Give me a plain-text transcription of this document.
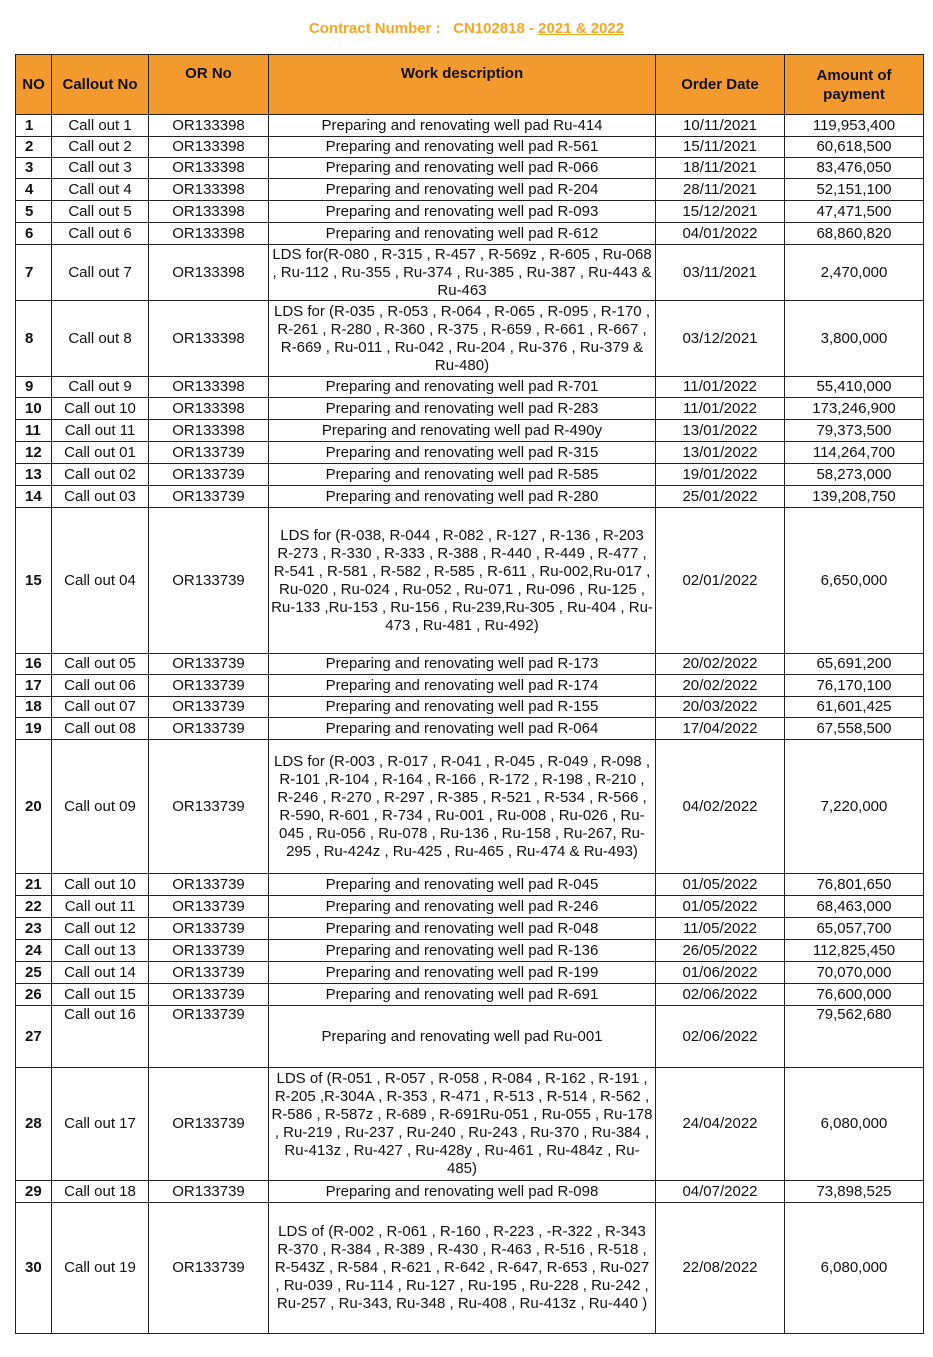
Contract Number : CN102818 - 2021 & 2022
NO	Callout No	OR No	Work description	Order Date	Amount of payment
1	Call out 1	OR133398	Preparing and renovating well pad Ru-414	10/11/2021	119,953,400
2	Call out 2	OR133398	Preparing and renovating well pad R-561	15/11/2021	60,618,500
3	Call out 3	OR133398	Preparing and renovating well pad R-066	18/11/2021	83,476,050
4	Call out 4	OR133398	Preparing and renovating well pad R-204	28/11/2021	52,151,100
5	Call out 5	OR133398	Preparing and renovating well pad R-093	15/12/2021	47,471,500
6	Call out 6	OR133398	Preparing and renovating well pad R-612	04/01/2022	68,860,820
7	Call out 7	OR133398	LDS for(R-080 , R-315 , R-457 , R-569z , R-605 , Ru-068 , Ru-112 , Ru-355 , Ru-374 , Ru-385 , Ru-387 , Ru-443 & Ru-463	03/11/2021	2,470,000
8	Call out 8	OR133398	LDS for (R-035 , R-053 , R-064 , R-065 , R-095 , R-170 , R-261 , R-280 , R-360 , R-375 , R-659 , R-661 , R-667 , R-669 , Ru-011 , Ru-042 , Ru-204 , Ru-376 , Ru-379 & Ru-480)	03/12/2021	3,800,000
9	Call out 9	OR133398	Preparing and renovating well pad R-701	11/01/2022	55,410,000
10	Call out 10	OR133398	Preparing and renovating well pad R-283	11/01/2022	173,246,900
11	Call out 11	OR133398	Preparing and renovating well pad R-490y	13/01/2022	79,373,500
12	Call out 01	OR133739	Preparing and renovating well pad R-315	13/01/2022	114,264,700
13	Call out 02	OR133739	Preparing and renovating well pad R-585	19/01/2022	58,273,000
14	Call out 03	OR133739	Preparing and renovating well pad R-280	25/01/2022	139,208,750
15	Call out 04	OR133739	LDS for (R-038, R-044 , R-082 , R-127 , R-136 , R-203 R-273 , R-330 , R-333 , R-388 , R-440 , R-449 , R-477 , R-541 , R-581 , R-582 , R-585 , R-611 , Ru-002,Ru-017 , Ru-020 , Ru-024 , Ru-052 , Ru-071 , Ru-096 , Ru-125 , Ru-133 ,Ru-153 , Ru-156 , Ru-239,Ru-305 , Ru-404 , Ru-473 , Ru-481 , Ru-492)	02/01/2022	6,650,000
16	Call out 05	OR133739	Preparing and renovating well pad R-173	20/02/2022	65,691,200
17	Call out 06	OR133739	Preparing and renovating well pad R-174	20/02/2022	76,170,100
18	Call out 07	OR133739	Preparing and renovating well pad R-155	20/03/2022	61,601,425
19	Call out 08	OR133739	Preparing and renovating well pad R-064	17/04/2022	67,558,500
20	Call out 09	OR133739	LDS for (R-003 , R-017 , R-041 , R-045 , R-049 , R-098 , R-101 ,R-104 , R-164 , R-166 , R-172 , R-198 , R-210 , R-246 , R-270 , R-297 , R-385 , R-521 , R-534 , R-566 , R-590, R-601 , R-734 , Ru-001 , Ru-008 , Ru-026 , Ru-045 , Ru-056 , Ru-078 , Ru-136 , Ru-158 , Ru-267, Ru-295 , Ru-424z , Ru-425 , Ru-465 , Ru-474 & Ru-493)	04/02/2022	7,220,000
21	Call out 10	OR133739	Preparing and renovating well pad R-045	01/05/2022	76,801,650
22	Call out 11	OR133739	Preparing and renovating well pad R-246	01/05/2022	68,463,000
23	Call out 12	OR133739	Preparing and renovating well pad R-048	11/05/2022	65,057,700
24	Call out 13	OR133739	Preparing and renovating well pad R-136	26/05/2022	112,825,450
25	Call out 14	OR133739	Preparing and renovating well pad R-199	01/06/2022	70,070,000
26	Call out 15	OR133739	Preparing and renovating well pad R-691	02/06/2022	76,600,000
27	Call out 16	OR133739	Preparing and renovating well pad Ru-001	02/06/2022	79,562,680
28	Call out 17	OR133739	LDS of (R-051 , R-057 , R-058 , R-084 , R-162 , R-191 , R-205 ,R-304A , R-353 , R-471 , R-513 , R-514 , R-562 , R-586 , R-587z , R-689 , R-691Ru-051 , Ru-055 , Ru-178 , Ru-219 , Ru-237 , Ru-240 , Ru-243 , Ru-370 , Ru-384 , Ru-413z , Ru-427 , Ru-428y , Ru-461 , Ru-484z , Ru-485)	24/04/2022	6,080,000
29	Call out 18	OR133739	Preparing and renovating well pad R-098	04/07/2022	73,898,525
30	Call out 19	OR133739	LDS of (R-002 , R-061 , R-160 , R-223 , -R-322 , R-343 R-370 , R-384 , R-389 , R-430 , R-463 , R-516 , R-518 , R-543Z , R-584 , R-621 , R-642 , R-647, R-653 , Ru-027 , Ru-039 , Ru-114 , Ru-127 , Ru-195 , Ru-228 , Ru-242 , Ru-257 , Ru-343, Ru-348 , Ru-408 , Ru-413z , Ru-440 )	22/08/2022	6,080,000
